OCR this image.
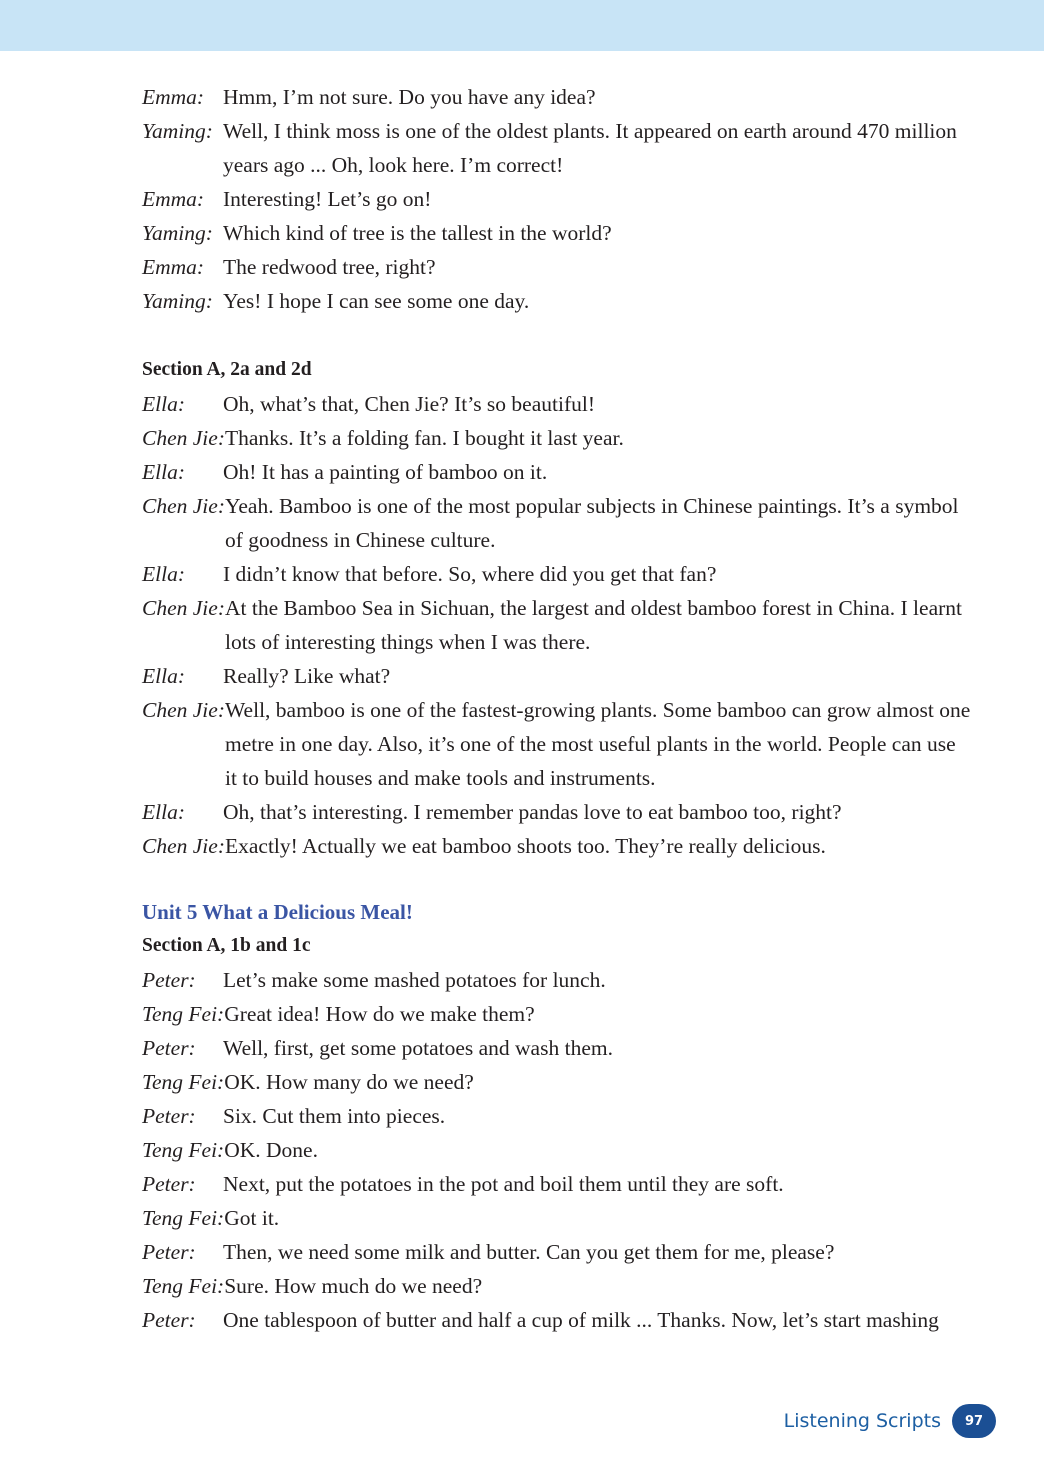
Emma: Hmm, I’m not sure. Do you have any idea?
Yaming: Well, I think moss is one of the oldest plants. It appeared on earth around 470 million years ago ... Oh, look here. I’m correct!
Emma: Interesting! Let’s go on!
Yaming: Which kind of tree is the tallest in the world?
Emma: The redwood tree, right?
Yaming: Yes! I hope I can see some one day.
Section A, 2a and 2d
Ella:	Oh, what’s that, Chen Jie? It’s so beautiful!
Chen Jie: Thanks. It’s a folding fan. I bought it last year.
Ella:	Oh! It has a painting of bamboo on it.
Chen Jie: Yeah. Bamboo is one of the most popular subjects in Chinese paintings. It’s a symbol of goodness in Chinese culture.
Ella:	I didn’t know that before. So, where did you get that fan?
Chen Jie: At the Bamboo Sea in Sichuan, the largest and oldest bamboo forest in China. I learnt lots of interesting things when I was there.
Ella:	Really? Like what?
Chen Jie: Well, bamboo is one of the fastest-growing plants. Some bamboo can grow almost one metre in one day. Also, it’s one of the most useful plants in the world. People can use it to build houses and make tools and instruments.
Ella:	Oh, that’s interesting. I remember pandas love to eat bamboo too, right?
Chen Jie: Exactly! Actually we eat bamboo shoots too. They’re really delicious.
Unit 5 What a Delicious Meal!
Section A, 1b and 1c
Peter:	Let’s make some mashed potatoes for lunch.
Teng Fei: Great idea! How do we make them?
Peter:	Well, first, get some potatoes and wash them.
Teng Fei: OK. How many do we need?
Peter:	Six. Cut them into pieces.
Teng Fei: OK. Done.
Peter:	Next, put the potatoes in the pot and boil them until they are soft.
Teng Fei: Got it.
Peter:	Then, we need some milk and butter. Can you get them for me, please?
Teng Fei: Sure. How much do we need?
Peter:	One tablespoon of butter and half a cup of milk ... Thanks. Now, let’s start mashing
Listening Scripts	97
